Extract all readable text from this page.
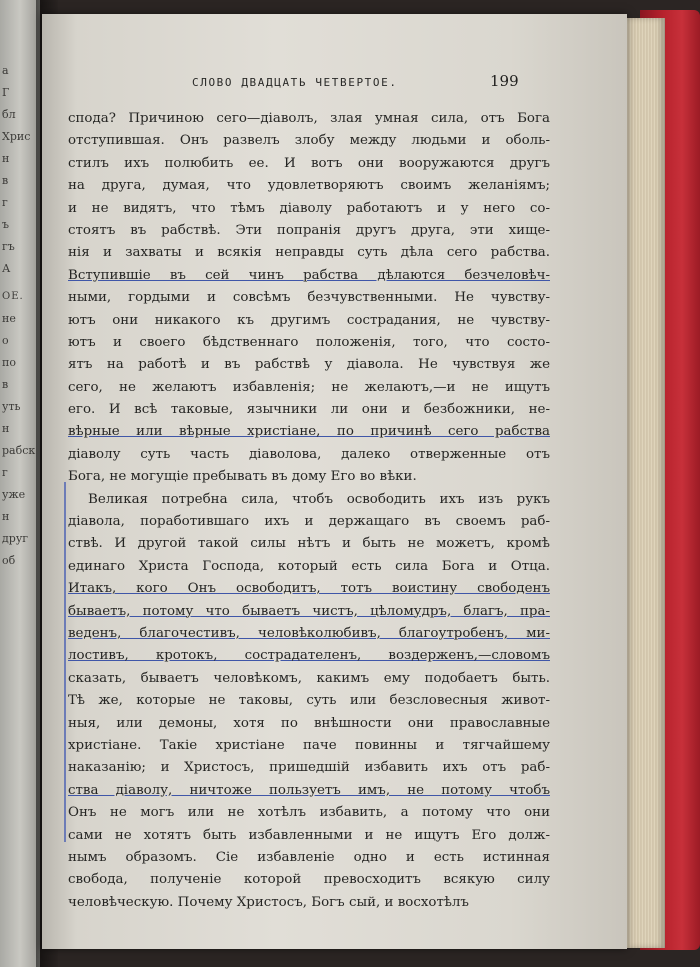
а
Г
бл
Хрис
н
в
г
ъ
гъ
А
ОЕ.
не
о
по
в
уть
н
рабск
г
уже
н
друг
об
СЛОВО ДВАДЦАТЬ ЧЕТВЕРТОЕ.	199
спода? Причиною сего—діаволъ, злая умная сила, отъ Бога
отступившая. Онъ развелъ злобу между людьми и оболь-
стилъ ихъ полюбить ее. И вотъ они вооружаются другъ
на друга, думая, что удовлетворяютъ своимъ желаніямъ;
и не видятъ, что тѣмъ діаволу работаютъ и у него со-
стоятъ въ рабствѣ. Эти попранія другъ друга, эти хище-
нія и захваты и всякія неправды суть дѣла сего рабства.
Вступившіе въ сей чинъ рабства дѣлаются безчеловѣч-
ными, гордыми и совсѣмъ безчувственными. Не чувству-
ютъ они никакого къ другимъ сострадания, не чувству-
ютъ и своего бѣдственнаго положенія, того, что состо-
ятъ на работѣ и въ рабствѣ у діавола. Не чувствуя же
сего, не желаютъ избавленія; не желаютъ,—и не ищутъ
его. И всѣ таковые, язычники ли они и безбожники, не-
вѣрные или вѣрные христіане, по причинѣ сего рабства
діаволу суть часть діаволова, далеко отверженные отъ
Бога, не могущіе пребывать въ дому Его во вѣки.
Великая потребна сила, чтобъ освободить ихъ изъ рукъ
діавола, поработившаго ихъ и держащаго въ своемъ раб-
ствѣ. И другой такой силы нѣтъ и быть не можетъ, кромѣ
единаго Христа Господа, который есть сила Бога и Отца.
Итакъ, кого Онъ освободитъ, тотъ воистину свободенъ
бываетъ, потому что бываетъ чистъ, цѣломудръ, благъ, пра-
веденъ, благочестивъ, человѣколюбивъ, благоутробенъ, ми-
лостивъ, кротокъ, сострадателенъ, воздерженъ,—словомъ
сказать, бываетъ человѣкомъ, какимъ ему подобаетъ быть.
Тѣ же, которые не таковы, суть или безсловесныя живот-
ныя, или демоны, хотя по внѣшности они православные
христіане. Такіе христіане паче повинны и тягчайшему
наказанію; и Христосъ, пришедшій избавить ихъ отъ раб-
ства діаволу, ничтоже пользуетъ имъ, не потому чтобъ
Онъ не могъ или не хотѣлъ избавить, а потому что они
сами не хотятъ быть избавленными и не ищутъ Его долж-
нымъ образомъ. Сіе избавленіе одно и есть истинная
свобода, полученіе которой превосходитъ всякую силу
человѣческую. Почему Христосъ, Богъ сый, и восхотѣлъ
